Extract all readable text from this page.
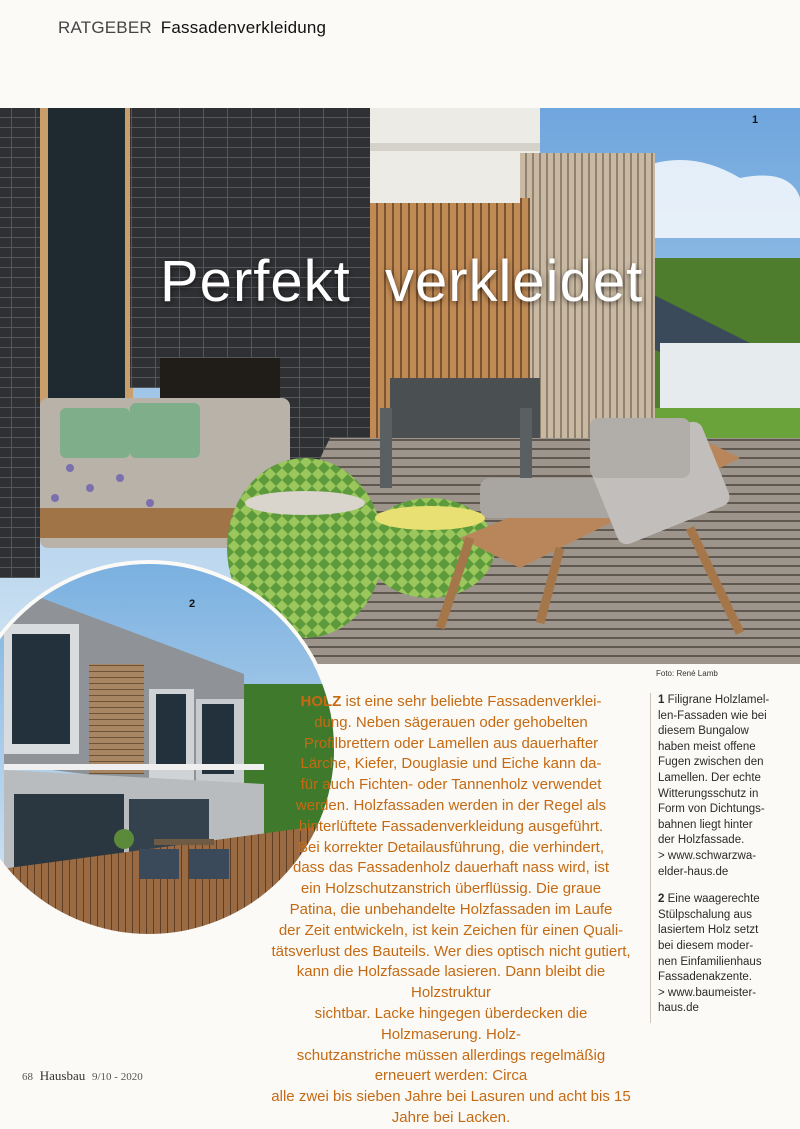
RATGEBER Fassadenverkleidung
Perfekt  verkleidet
1
2
Foto: René Lamb
HOLZ ist eine sehr beliebte Fassadenverklei-
dung. Neben sägerauen oder gehobelten
Profilbrettern oder Lamellen aus dauerhafter
Lärche, Kiefer, Douglasie und Eiche kann da-
für auch Fichten- oder Tannenholz verwendet
werden. Holzfassaden werden in der Regel als
hinterlüftete Fassadenverkleidung ausgeführt.
Bei korrekter Detailausführung, die verhindert,
dass das Fassadenholz dauerhaft nass wird, ist
ein Holzschutzanstrich überflüssig. Die graue
Patina, die unbehandelte Holzfassaden im Laufe
der Zeit entwickeln, ist kein Zeichen für einen Quali-
tätsverlust des Bauteils. Wer dies optisch nicht gutiert,
kann die Holzfassade lasieren. Dann bleibt die Holzstruktur
sichtbar. Lacke hingegen überdecken die Holzmaserung. Holz-
schutzanstriche müssen allerdings regelmäßig erneuert werden: Circa
alle zwei bis sieben Jahre bei Lasuren und acht bis 15 Jahre bei Lacken.
1 Filigrane Holzlamel-
len-Fassaden wie bei
diesem Bungalow
haben meist offene
Fugen zwischen den
Lamellen. Der echte
Witterungsschutz in
Form von Dichtungs-
bahnen liegt hinter
der Holzfassade.
> www.schwarzwa-
elder-haus.de
2 Eine waagerechte
Stülpschalung aus
lasiertem Holz setzt
bei diesem moder-
nen Einfamilienhaus
Fassadenakzente.
> www.baumeister-
haus.de
68 Hausbau 9/10 - 2020
